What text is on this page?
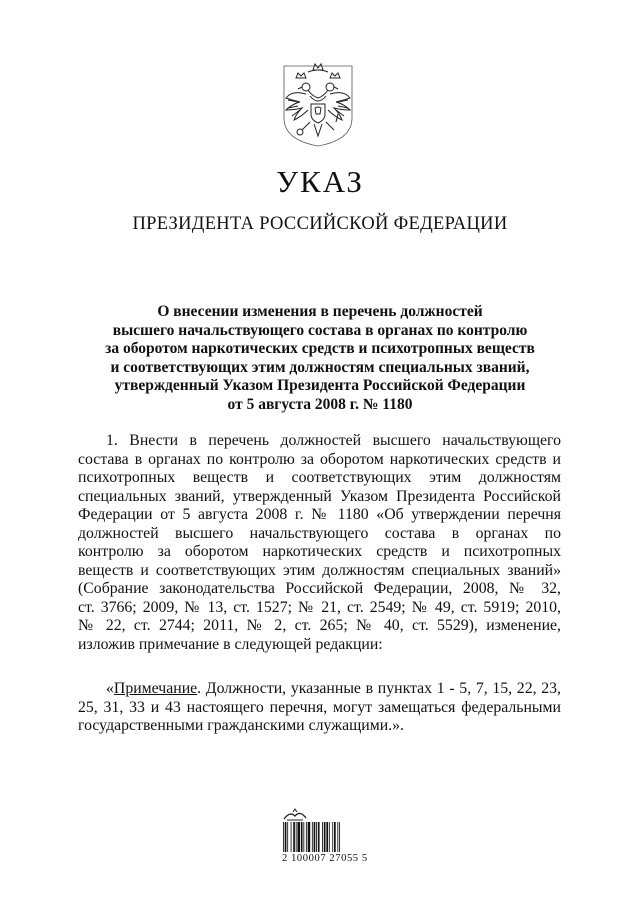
УКАЗ
ПРЕЗИДЕНТА РОССИЙСКОЙ ФЕДЕРАЦИИ
О внесении изменения в перечень должностей
высшего начальствующего состава в органах по контролю
за оборотом наркотических средств и психотропных веществ
и соответствующих этим должностям специальных званий,
утвержденный Указом Президента Российской Федерации
от 5 августа 2008 г. № 1180
1. Внести в перечень должностей высшего начальствующего
состава в органах по контролю за оборотом наркотических средств и
психотропных веществ и соответствующих этим должностям
специальных званий, утвержденный Указом Президента Российской
Федерации от 5 августа 2008 г. № 1180 «Об утверждении перечня
должностей высшего начальствующего состава в органах по
контролю за оборотом наркотических средств и психотропных
веществ и соответствующих этим должностям специальных званий»
(Собрание законодательства Российской Федерации, 2008, № 32,
ст. 3766; 2009, № 13, ст. 1527; № 21, ст. 2549; № 49, ст. 5919; 2010,
№ 22, ст. 2744; 2011, № 2, ст. 265; № 40, ст. 5529), изменение,
изложив примечание в следующей редакции:
«Примечание. Должности, указанные в пунктах 1 - 5, 7, 15, 22, 23,
25, 31, 33 и 43 настоящего перечня, могут замещаться федеральными
государственными гражданскими служащими.».
2 100007 27055 5
